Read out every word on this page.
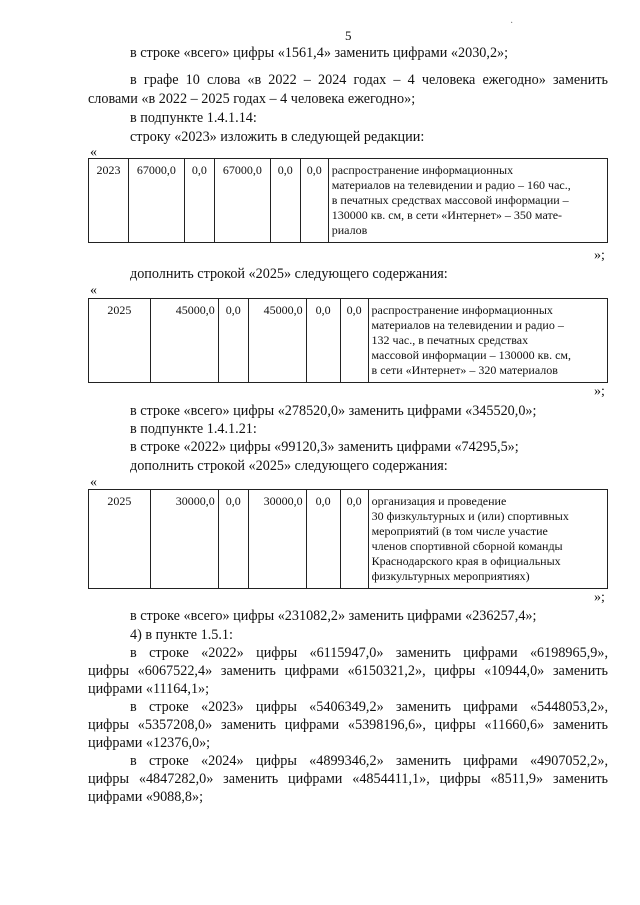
5
·
в строке «всего» цифры «1561,4» заменить цифрами «2030,2»;
в графе 10 слова «в 2022 – 2024 годах – 4 человека ежегодно» заменить
словами «в 2022 – 2025 годах – 4 человека ежегодно»;
в подпункте 1.4.1.14:
строку «2023» изложить в следующей редакции:
«
2023	67000,0	0,0	67000,0	0,0	0,0	распространение информационных
материалов на телевидении и радио – 160 час.,
в печатных средствах массовой информации –
130000 кв. см, в сети «Интернет» – 350 мате-
риалов
»;
дополнить строкой «2025» следующего содержания:
«
2025	45000,0	0,0	45000,0	0,0	0,0	распространение информационных
материалов на телевидении и радио –
132 час., в печатных средствах
массовой информации – 130000 кв. см,
в сети «Интернет» – 320 материалов
»;
в строке «всего» цифры «278520,0» заменить цифрами «345520,0»;
в подпункте 1.4.1.21:
в строке «2022» цифры «99120,3» заменить цифрами «74295,5»;
дополнить строкой «2025» следующего содержания:
«
2025	30000,0	0,0	30000,0	0,0	0,0	организация и проведение
30 физкультурных и (или) спортивных
мероприятий (в том числе участие
членов спортивной сборной команды
Краснодарского края в официальных
физкультурных мероприятиях)
»;
в строке «всего» цифры «231082,2» заменить цифрами «236257,4»;
4) в пункте 1.5.1:
в строке «2022» цифры «6115947,0» заменить цифрами «6198965,9»,
цифры «6067522,4» заменить цифрами «6150321,2», цифры «10944,0» заменить
цифрами «11164,1»;
в строке «2023» цифры «5406349,2» заменить цифрами «5448053,2»,
цифры «5357208,0» заменить цифрами «5398196,6», цифры «11660,6» заменить
цифрами «12376,0»;
в строке «2024» цифры «4899346,2» заменить цифрами «4907052,2»,
цифры «4847282,0» заменить цифрами «4854411,1», цифры «8511,9» заменить
цифрами «9088,8»;
